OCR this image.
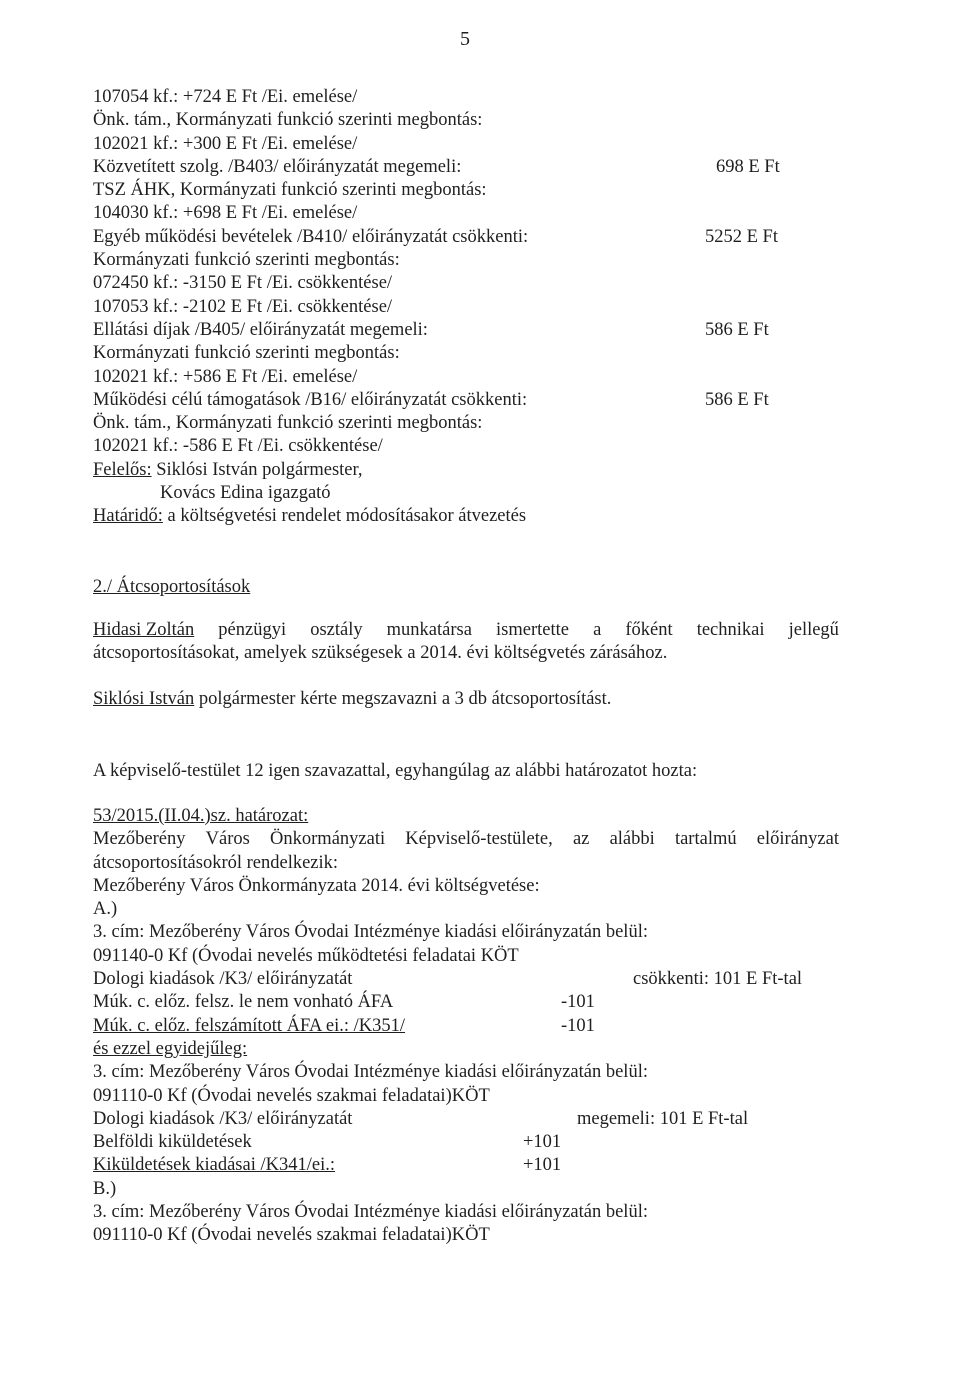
5
107054 kf.: +724 E Ft /Ei. emelése/
Önk. tám., Kormányzati funkció szerinti megbontás:
102021 kf.: +300 E Ft /Ei. emelése/
Közvetített szolg. /B403/ előirányzatát megemeli:	698 E Ft
TSZ ÁHK, Kormányzati funkció szerinti megbontás:
104030 kf.: +698 E Ft /Ei. emelése/
Egyéb működési bevételek /B410/ előirányzatát csökkenti:	5252 E Ft
Kormányzati funkció szerinti megbontás:
072450 kf.: -3150 E Ft /Ei. csökkentése/
107053 kf.: -2102 E Ft /Ei. csökkentése/
Ellátási díjak /B405/ előirányzatát megemeli:	586 E Ft
Kormányzati funkció szerinti megbontás:
102021 kf.: +586 E Ft /Ei. emelése/
Működési célú támogatások /B16/ előirányzatát csökkenti:	586 E Ft
Önk. tám., Kormányzati funkció szerinti megbontás:
102021 kf.: -586 E Ft /Ei. csökkentése/
Felelős: Siklósi István polgármester,
Kovács Edina igazgató
Határidő: a költségvetési rendelet módosításakor átvezetés
2./ Átcsoportosítások
Hidasi Zoltán pénzügyi osztály munkatársa ismertette a főként technikai jellegű
átcsoportosításokat, amelyek szükségesek a 2014. évi költségvetés zárásához.
Siklósi István polgármester kérte megszavazni a 3 db átcsoportosítást.
A képviselő-testület 12 igen szavazattal, egyhangúlag az alábbi határozatot hozta:
53/2015.(II.04.)sz. határozat:
Mezőberény Város Önkormányzati Képviselő-testülete, az alábbi tartalmú előirányzat
átcsoportosításokról rendelkezik:
Mezőberény Város Önkormányzata 2014. évi költségvetése:
A.)
3. cím: Mezőberény Város Óvodai Intézménye kiadási előirányzatán belül:
091140-0 Kf (Óvodai nevelés működtetési feladatai KÖT
Dologi kiadások /K3/ előirányzatát	csökkenti: 101 E Ft-tal
Múk. c. előz. felsz. le nem vonható ÁFA	-101
Múk. c. előz. felszámított ÁFA ei.: /K351/	-101
és ezzel egyidejűleg:
3. cím: Mezőberény Város Óvodai Intézménye kiadási előirányzatán belül:
091110-0 Kf (Óvodai nevelés szakmai feladatai)KÖT
Dologi kiadások /K3/ előirányzatát	megemeli: 101 E Ft-tal
Belföldi kiküldetések	+101
Kiküldetések kiadásai /K341/ei.:	+101
B.)
3. cím: Mezőberény Város Óvodai Intézménye kiadási előirányzatán belül:
091110-0 Kf (Óvodai nevelés szakmai feladatai)KÖT
